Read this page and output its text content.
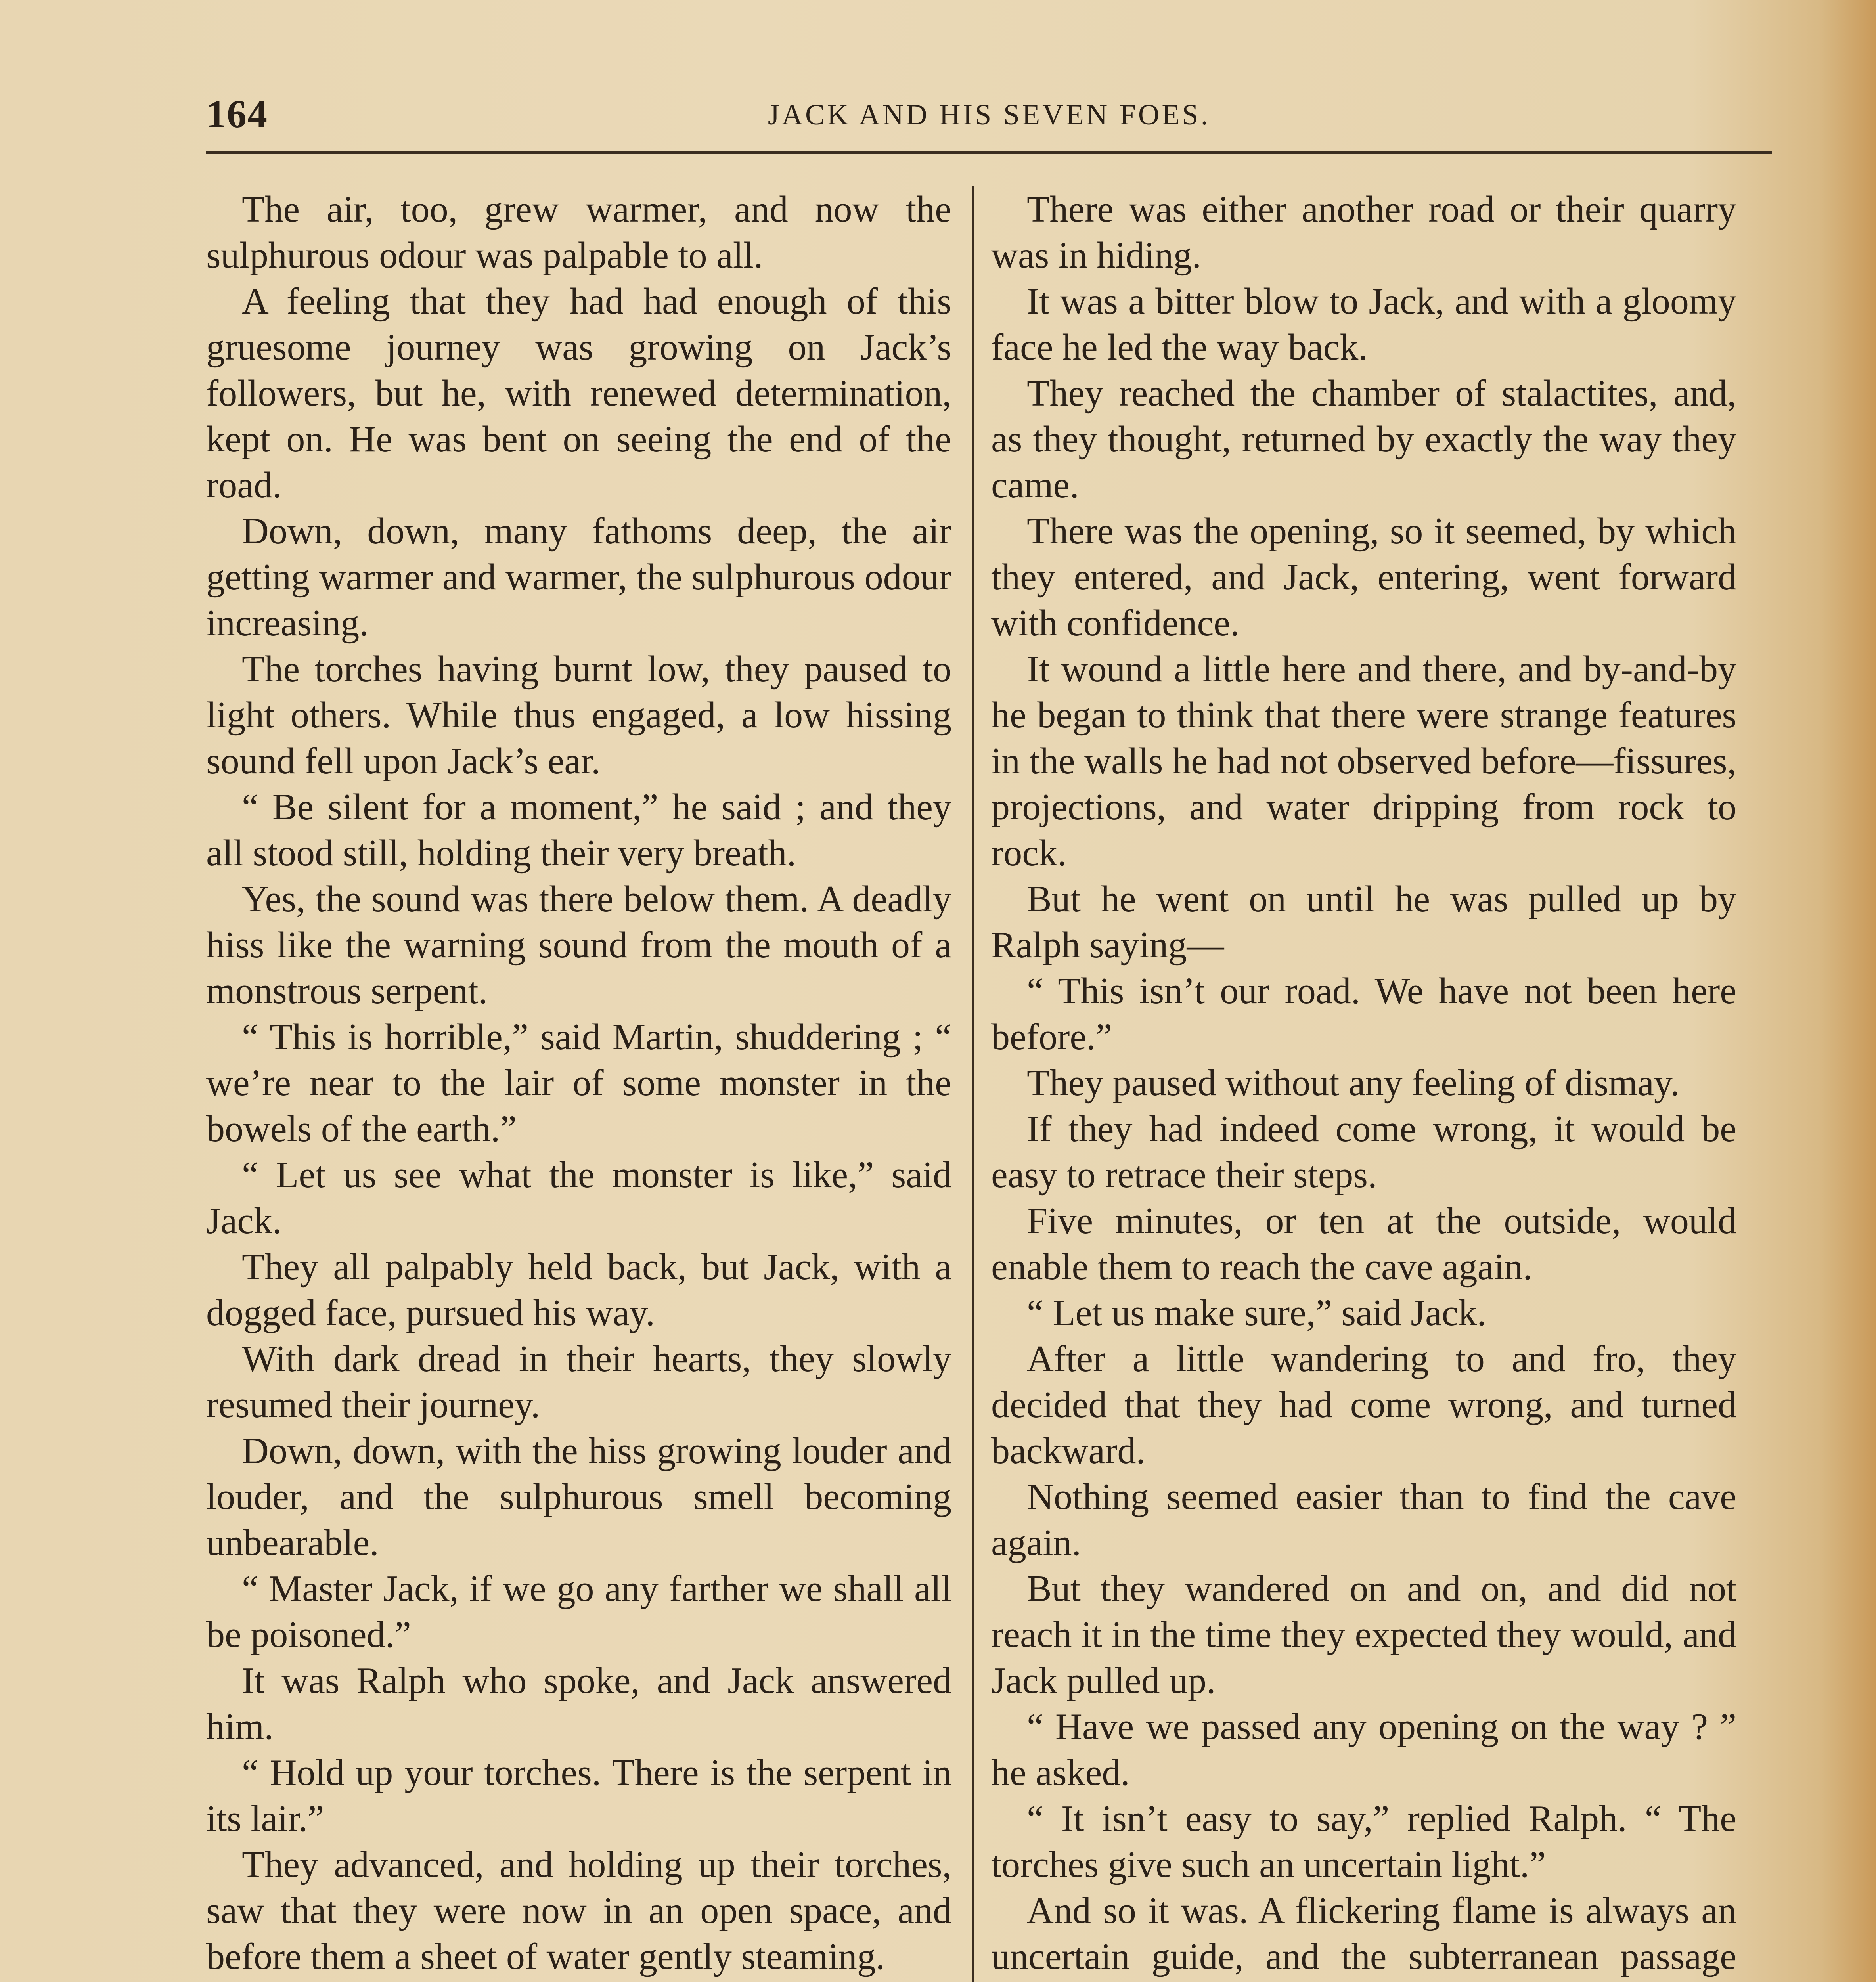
164	JACK AND HIS SEVEN FOES.

The air, too, grew warmer, and now the sulphurous odour was palpable to all.

A feeling that they had had enough of this gruesome journey was growing on Jack’s followers, but he, with renewed determination, kept on. He was bent on seeing the end of the road.

Down, down, many fathoms deep, the air getting warmer and warmer, the sulphurous odour increasing.

The torches having burnt low, they paused to light others. While thus engaged, a low hissing sound fell upon Jack’s ear.

“ Be silent for a moment,” he said ; and they all stood still, holding their very breath.

Yes, the sound was there below them. A deadly hiss like the warning sound from the mouth of a monstrous serpent.

“ This is horrible,” said Martin, shuddering ; “ we’re near to the lair of some monster in the bowels of the earth.”

“ Let us see what the monster is like,” said Jack.

They all palpably held back, but Jack, with a dogged face, pursued his way.

With dark dread in their hearts, they slowly resumed their journey.

Down, down, with the hiss growing louder and louder, and the sulphurous smell becoming unbearable.

“ Master Jack, if we go any farther we shall all be poisoned.”

It was Ralph who spoke, and Jack answered him.

“ Hold up your torches. There is the serpent in its lair.”

They advanced, and holding up their torches, saw that they were now in an open space, and before them a sheet of water gently steaming.

There was either another road or their quarry was in hiding.

It was a bitter blow to Jack, and with a gloomy face he led the way back.

They reached the chamber of stalactites, and, as they thought, returned by exactly the way they came.

There was the opening, so it seemed, by which they entered, and Jack, entering, went forward with confidence.

It wound a little here and there, and by-and-by he began to think that there were strange features in the walls he had not observed before—fissures, projections, and water dripping from rock to rock.

But he went on until he was pulled up by Ralph saying—

“ This isn’t our road. We have not been here before.”

They paused without any feeling of dismay.

If they had indeed come wrong, it would be easy to retrace their steps.

Five minutes, or ten at the outside, would enable them to reach the cave again.

“ Let us make sure,” said Jack.

After a little wandering to and fro, they decided that they had come wrong, and turned backward.

Nothing seemed easier than to find the cave again.

But they wandered on and on, and did not reach it in the time they expected they would, and Jack pulled up.

“ Have we passed any opening on the way ? ” he asked.

“ It isn’t easy to say,” replied Ralph. “ The torches give such an uncertain light.”

And so it was. A flickering flame is always an uncertain guide, and the subterranean passage
